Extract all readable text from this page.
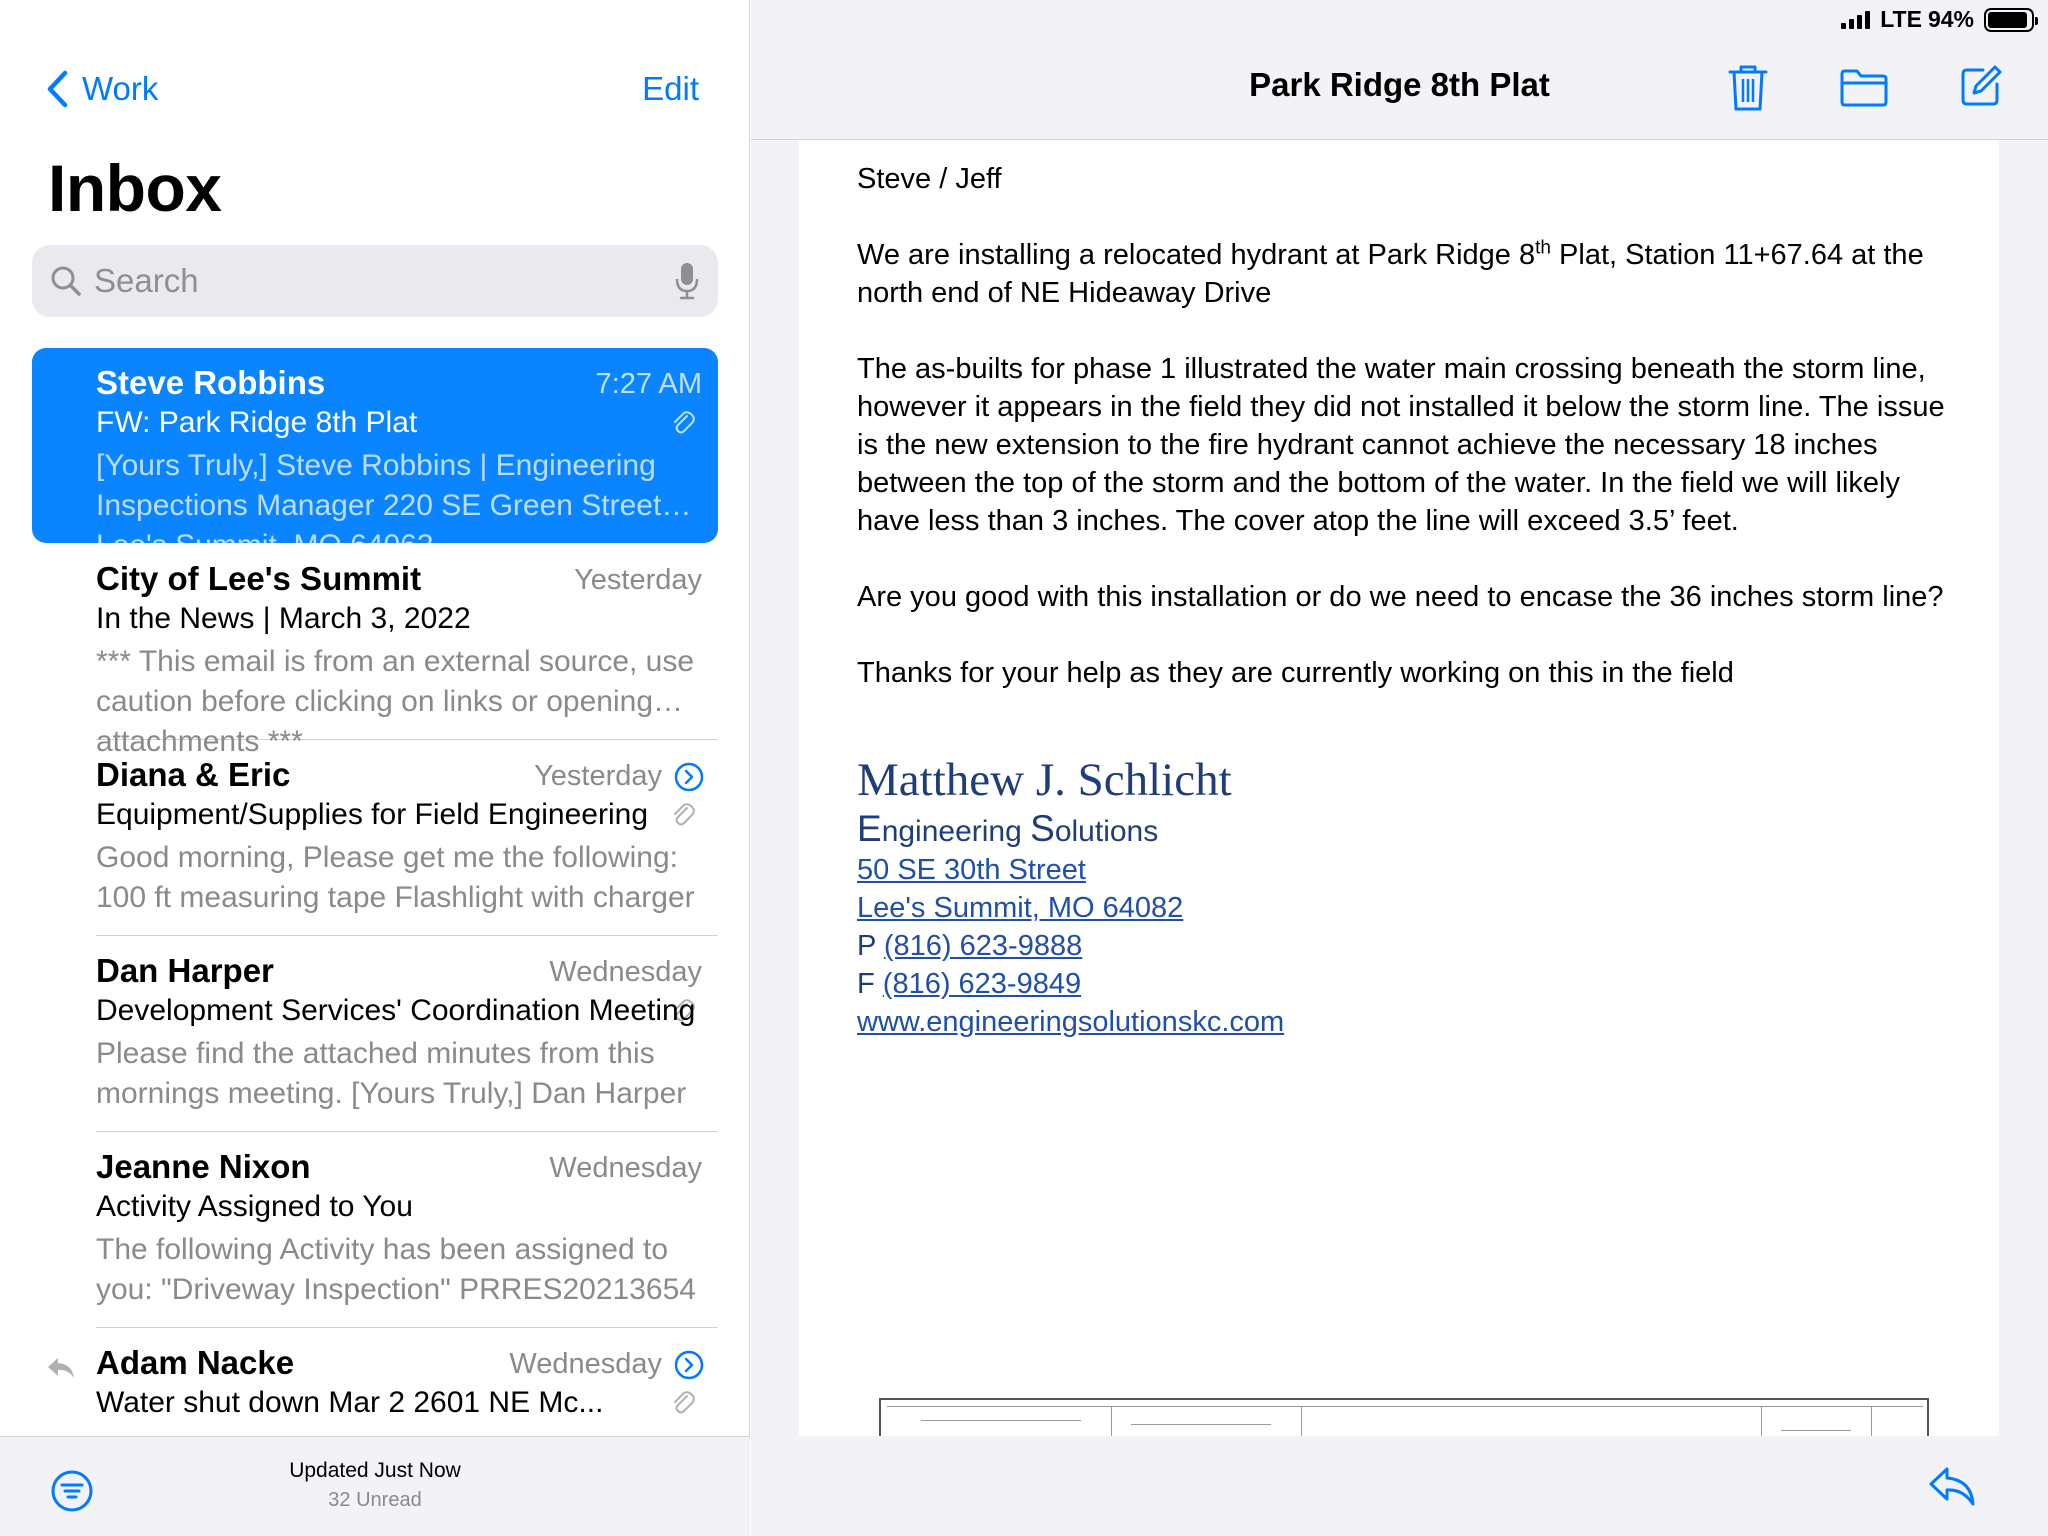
Work	Edit
Inbox
Search
Steve Robbins	7:27 AM
FW: Park Ridge 8th Plat
[Yours Truly,] Steve Robbins | Engineering Inspections Manager 220 SE Green Street Lee's Summit, MO 64063
City of Lee's Summit	Yesterday
In the News | March 3, 2022
*** This email is from an external source, use caution before clicking on links or opening attachments ***
Diana & Eric	Yesterday
Equipment/Supplies for Field Engineering
Good morning, Please get me the following: 100 ft measuring tape Flashlight with charger
Dan Harper	Wednesday
Development Services' Coordination Meeting
Please find the attached minutes from this mornings meeting. [Yours Truly,] Dan Harper
Jeanne Nixon	Wednesday
Activity Assigned to You
The following Activity has been assigned to you: "Driveway Inspection" PRRES20213654
Adam Nacke	Wednesday
Water shut down Mar 2 2601 NE Mc...
Updated Just Now
32 Unread
Park Ridge 8th Plat

Steve / Jeff

We are installing a relocated hydrant at Park Ridge 8th Plat, Station 11+67.64 at the north end of NE Hideaway Drive

The as-builts for phase 1 illustrated the water main crossing beneath the storm line, however it appears in the field they did not installed it below the storm line. The issue is the new extension to the fire hydrant cannot achieve the necessary 18 inches between the top of the storm and the bottom of the water. In the field we will likely have less than 3 inches. The cover atop the line will exceed 3.5’ feet.

Are you good with this installation or do we need to encase the 36 inches storm line?

Thanks for your help as they are currently working on this in the field

Matthew J. Schlicht
Engineering Solutions
50 SE 30th Street
Lee's Summit, MO 64082
P (816) 623-9888
F (816) 623-9849
www.engineeringsolutionskc.com
LTE 94%
